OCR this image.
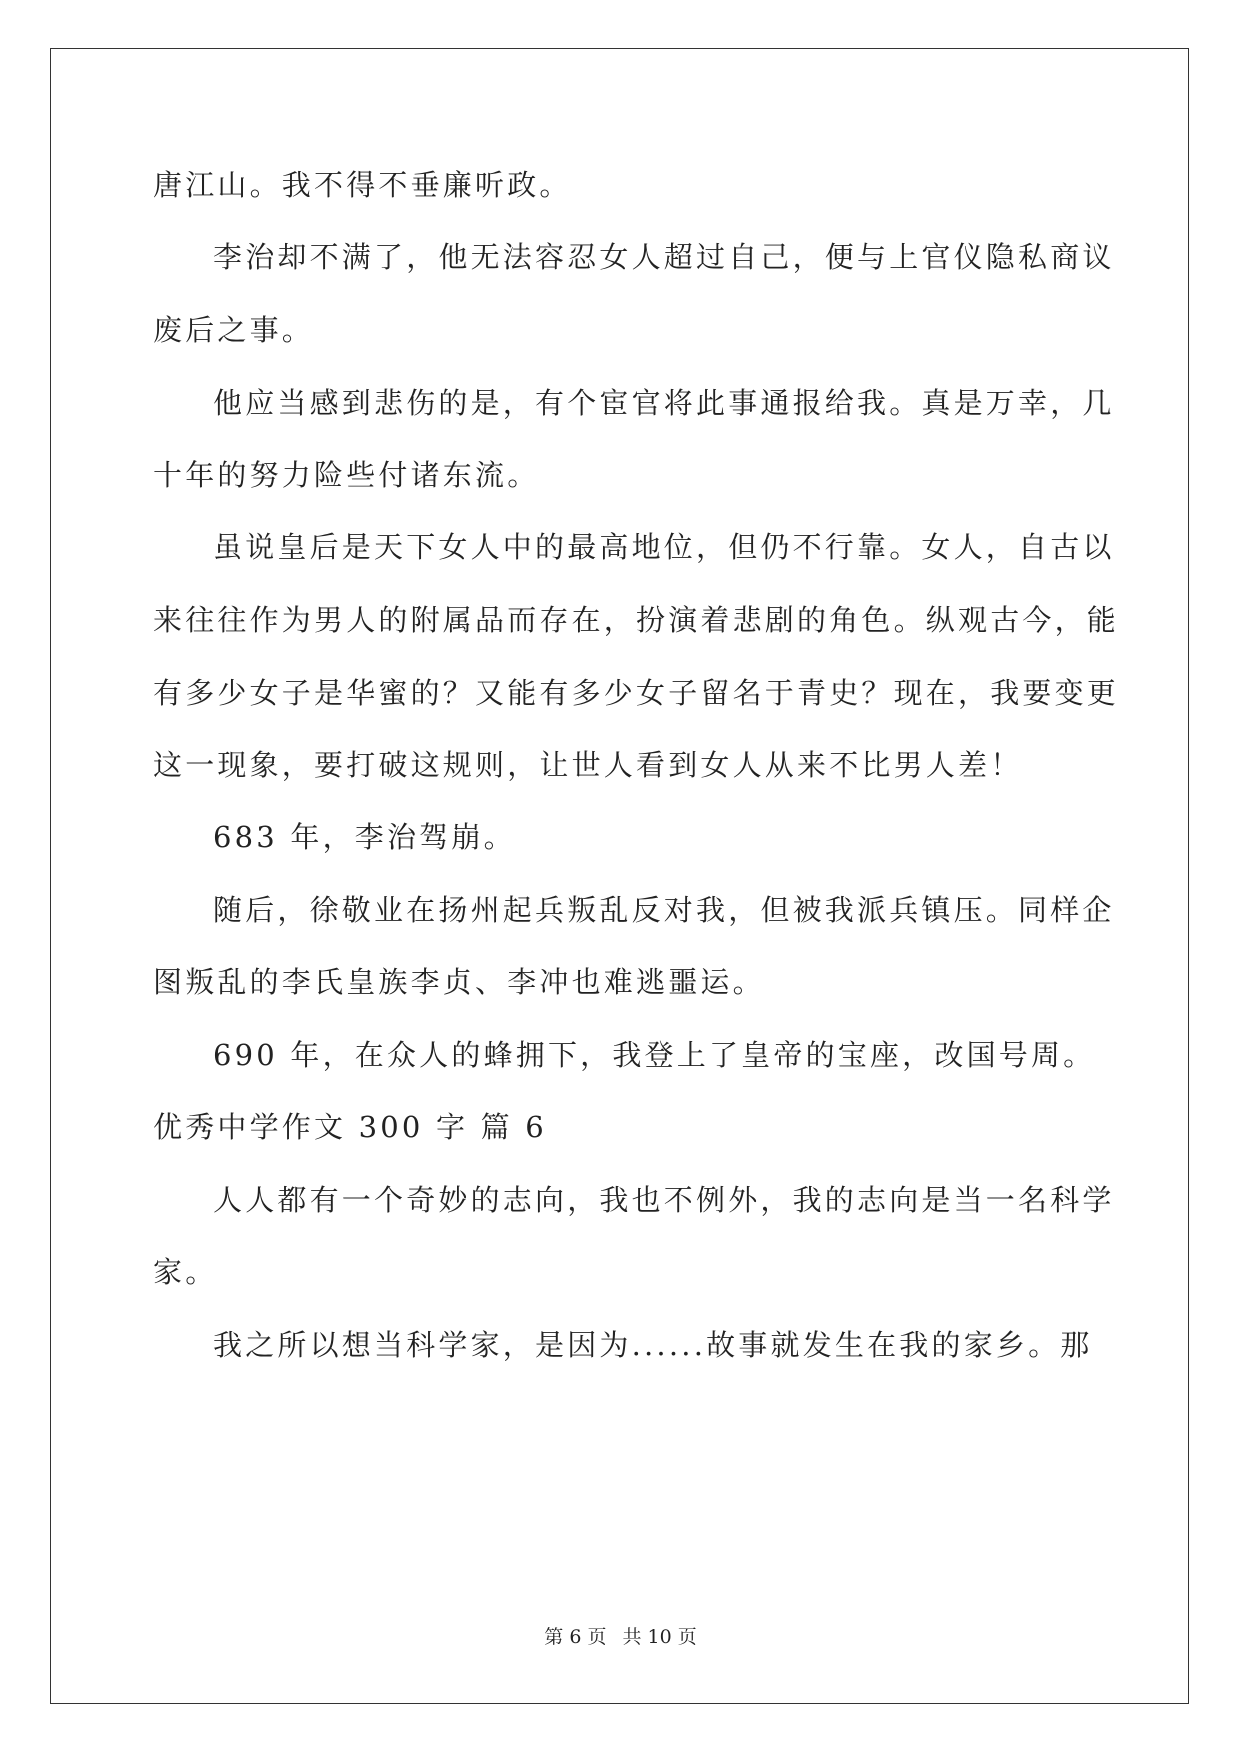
唐江山。我不得不垂廉听政。
李治却不满了，他无法容忍女人超过自己，便与上官仪隐私商议
废后之事。
他应当感到悲伤的是，有个宦官将此事通报给我。真是万幸，几
十年的努力险些付诸东流。
虽说皇后是天下女人中的最高地位，但仍不行靠。女人，自古以
来往往作为男人的附属品而存在，扮演着悲剧的角色。纵观古今，能
有多少女子是华蜜的？又能有多少女子留名于青史？现在，我要变更
这一现象，要打破这规则，让世人看到女人从来不比男人差！
683 年，李治驾崩。
随后，徐敬业在扬州起兵叛乱反对我，但被我派兵镇压。同样企
图叛乱的李氏皇族李贞、李冲也难逃噩运。
690 年，在众人的蜂拥下，我登上了皇帝的宝座，改国号周。
优秀中学作文 300 字 篇 6
人人都有一个奇妙的志向，我也不例外，我的志向是当一名科学
家。
我之所以想当科学家，是因为......故事就发生在我的家乡。那
第 6 页 共 10 页
